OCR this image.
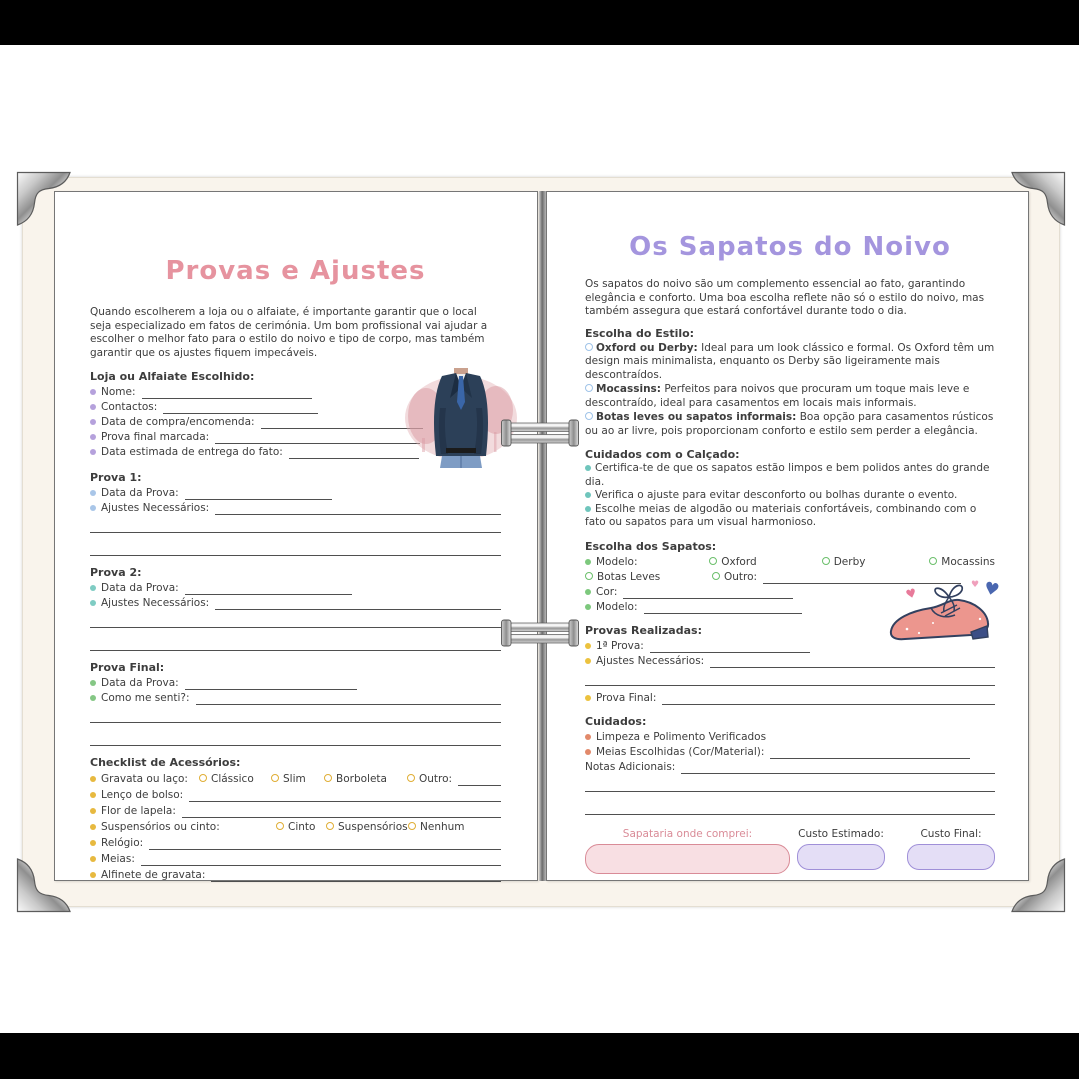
Provas e Ajustes

Quando escolherem a loja ou o alfaiate, é importante garantir que o local seja especializado em fatos de cerimónia. Um bom profissional vai ajudar a escolher o melhor fato para o estilo do noivo e tipo de corpo, mas também garantir que os ajustes fiquem impecáveis.

Loja ou Alfaiate Escolhido:
Nome:
Contactos:
Data de compra/encomenda:
Prova final marcada:
Data estimada de entrega do fato:
Prova 1:
Data da Prova:
Ajustes Necessários:
Prova 2:
Data da Prova:
Ajustes Necessários:
Prova Final:
Data da Prova:
Como me senti?:
Checklist de Acessórios:
Gravata ou laço: Clássico	Slim	Borboleta	Outro:
Lenço de bolso:
Flor de lapela:
Suspensórios ou cinto:	Cinto Suspensórios Nenhum
Relógio:
Meias:
Alfinete de gravata:
Os Sapatos do Noivo

Os sapatos do noivo são um complemento essencial ao fato, garantindo elegância e conforto. Uma boa escolha reflete não só o estilo do noivo, mas também assegura que estará confortável durante todo o dia.

Escolha do Estilo:
Oxford ou Derby: Ideal para um look clássico e formal. Os Oxford têm um design mais minimalista, enquanto os Derby são ligeiramente mais descontraídos.
Mocassins: Perfeitos para noivos que procuram um toque mais leve e descontraído, ideal para casamentos em locais mais informais.
Botas leves ou sapatos informais: Boa opção para casamentos rústicos ou ao ar livre, pois proporcionam conforto e estilo sem perder a elegância.
Cuidados com o Calçado:
Certifica-te de que os sapatos estão limpos e bem polidos antes do grande dia.
Verifica o ajuste para evitar desconforto ou bolhas durante o evento.
Escolhe meias de algodão ou materiais confortáveis, combinando com o fato ou sapatos para um visual harmonioso.
Escolha dos Sapatos:
Modelo:	Oxford	Derby	Mocassins
Botas Leves	Outro:
Cor:
Modelo:
Provas Realizadas:
1ª Prova:
Ajustes Necessários:
Prova Final:
Cuidados:
Limpeza e Polimento Verificados
Meias Escolhidas (Cor/Material):
Notas Adicionais:
Sapataria onde comprei:	Custo Estimado:	Custo Final:
♥	♥
♥
